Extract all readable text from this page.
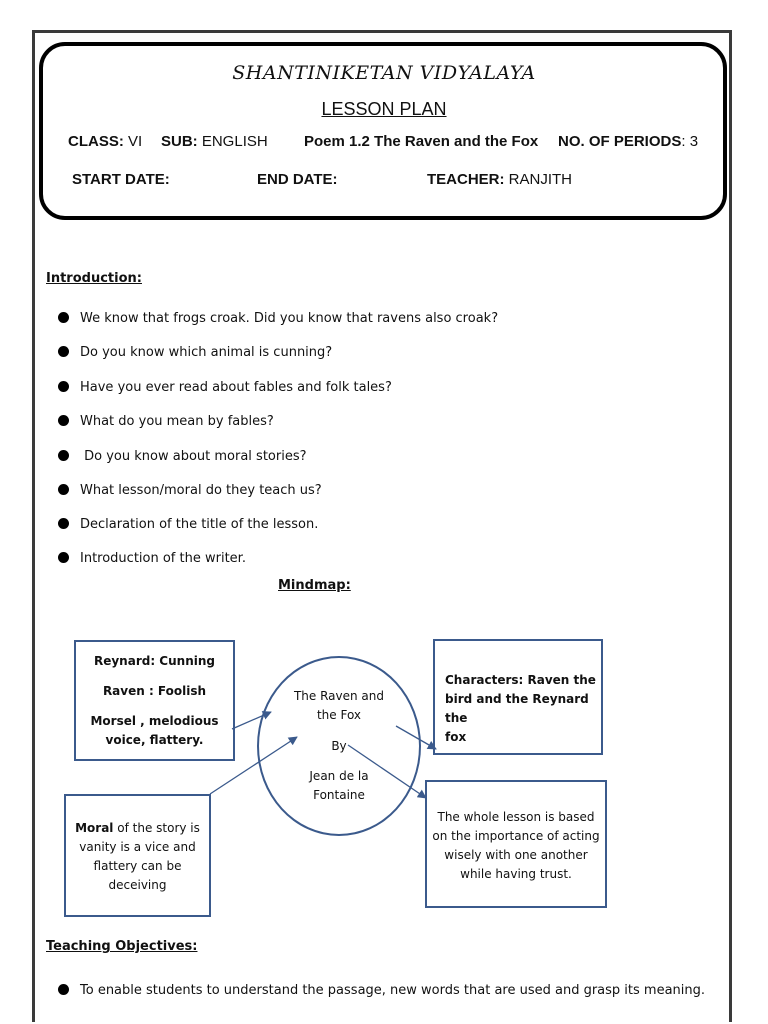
SHANTINIKETAN VIDYALAYA
LESSON PLAN
CLASS: VI SUB: ENGLISH Poem 1.2 The Raven and the Fox NO. OF PERIODS: 3
START DATE:	END DATE:	TEACHER: RANJITH
Introduction:
We know that frogs croak. Did you know that ravens also croak?
Do you know which animal is cunning?
Have you ever read about fables and folk tales?
What do you mean by fables?
Do you know about moral stories?
What lesson/moral do they teach us?
Declaration of the title of the lesson.
Introduction of the writer.
Mindmap:
Reynard: Cunning
Raven : Foolish
Morsel , melodious
voice, flattery.
The Raven and
the Fox
By
Jean de la
Fontaine
Characters: Raven the
bird and the Reynard the
fox
Moral of the story is
vanity is a vice and
flattery can be
deceiving
The whole lesson is based
on the importance of acting
wisely with one another
while having trust.
Teaching Objectives:
To enable students to understand the passage, new words that are used and grasp its meaning.
